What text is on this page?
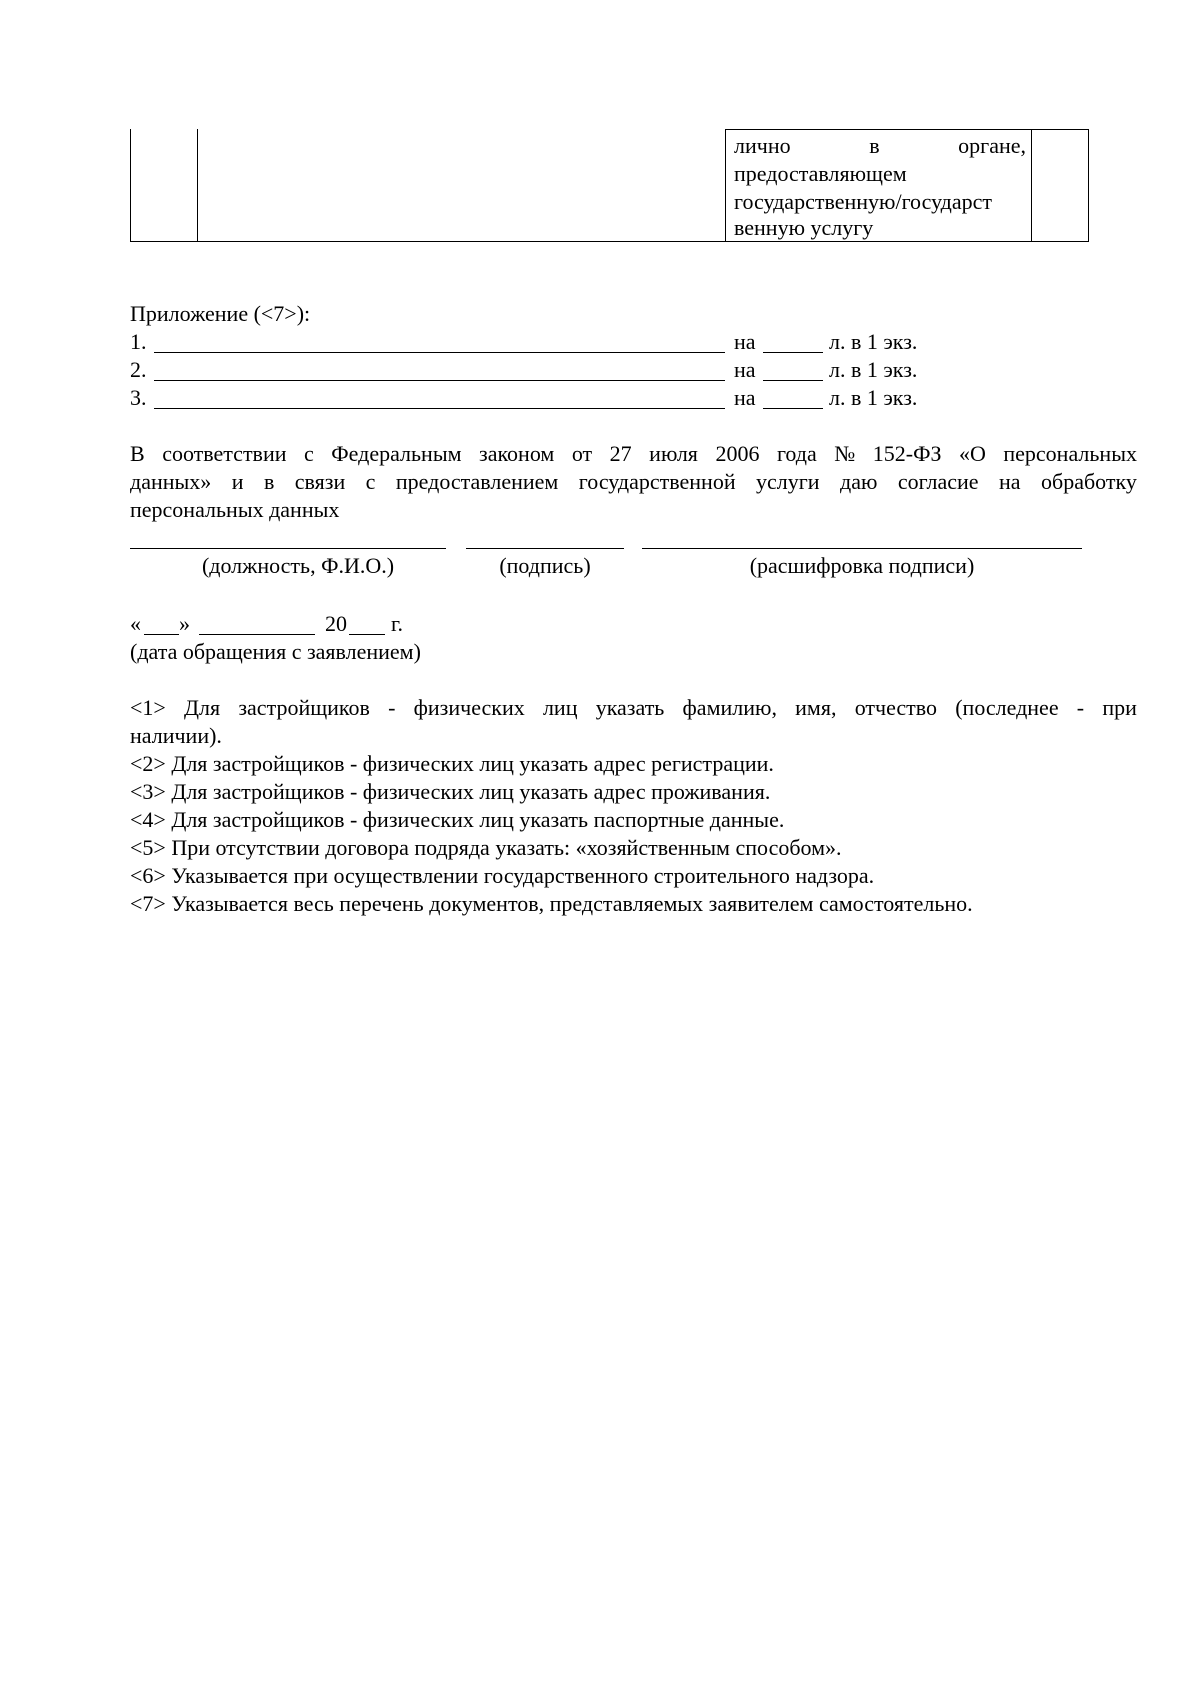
лично	в	органе,
предоставляющем
государственную/государст
венную услугу
Приложение (<7>):
1.	на	л. в 1 экз.
2.	на	л. в 1 экз.
3.	на	л. в 1 экз.
В соответствии с Федеральным законом от 27 июля 2006 года № 152-ФЗ «О персональных
данных» и в связи с предоставлением государственной услуги даю согласие на обработку
персональных данных
(должность, Ф.И.О.)	(подпись)	(расшифровка подписи)
« »	20 г.
(дата обращения с заявлением)
<1> Для застройщиков - физических лиц указать фамилию, имя, отчество (последнее - при
наличии).
<2> Для застройщиков - физических лиц указать адрес регистрации.
<3> Для застройщиков - физических лиц указать адрес проживания.
<4> Для застройщиков - физических лиц указать паспортные данные.
<5> При отсутствии договора подряда указать: «хозяйственным способом».
<6> Указывается при осуществлении государственного строительного надзора.
<7> Указывается весь перечень документов, представляемых заявителем самостоятельно.
